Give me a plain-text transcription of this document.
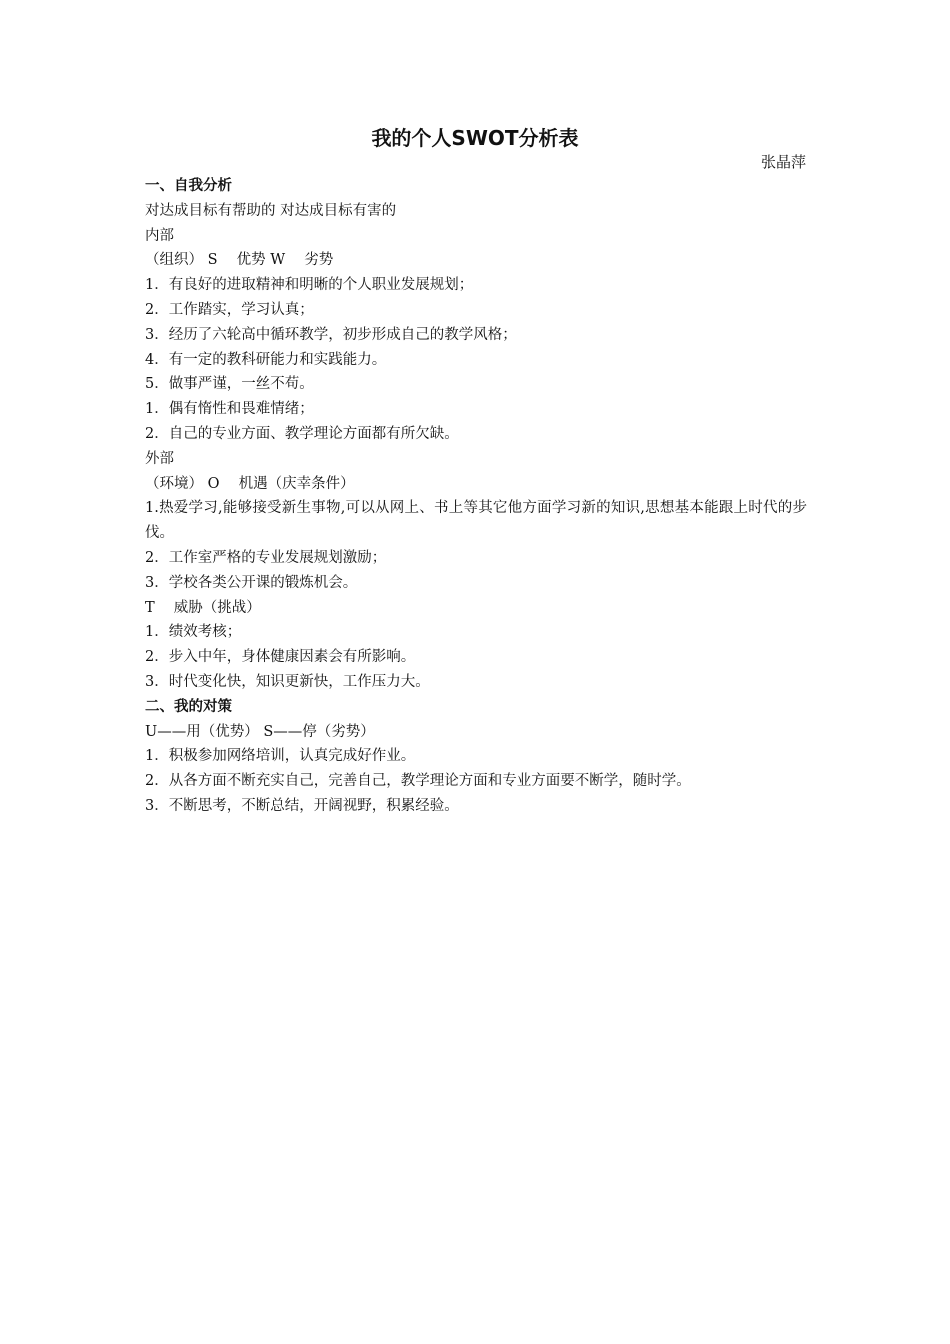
我的个人SWOT分析表
张晶萍

一、自我分析

对达成目标有帮助的 对达成目标有害的

内部

（组织） S　 优势 W　 劣势

1．有良好的进取精神和明晰的个人职业发展规划；

2．工作踏实，学习认真；

3．经历了六轮高中循环教学，初步形成自己的教学风格；

4．有一定的教科研能力和实践能力。

5．做事严谨，一丝不苟。

1．偶有惰性和畏难情绪；

2．自己的专业方面、教学理论方面都有所欠缺。

外部

（环境） O　 机遇（庆幸条件）

1.热爱学习,能够接受新生事物,可以从网上、书上等其它他方面学习新的知识,思想基本能跟上时代的步伐。

2．工作室严格的专业发展规划激励；

3．学校各类公开课的锻炼机会。

T　 威胁（挑战）

1．绩效考核；

2．步入中年，身体健康因素会有所影响。

3．时代变化快，知识更新快，工作压力大。

二、我的对策

U——用（优势） S——停（劣势）

1．积极参加网络培训，认真完成好作业。

2．从各方面不断充实自己，完善自己，教学理论方面和专业方面要不断学，随时学。

3．不断思考，不断总结，开阔视野，积累经验。
